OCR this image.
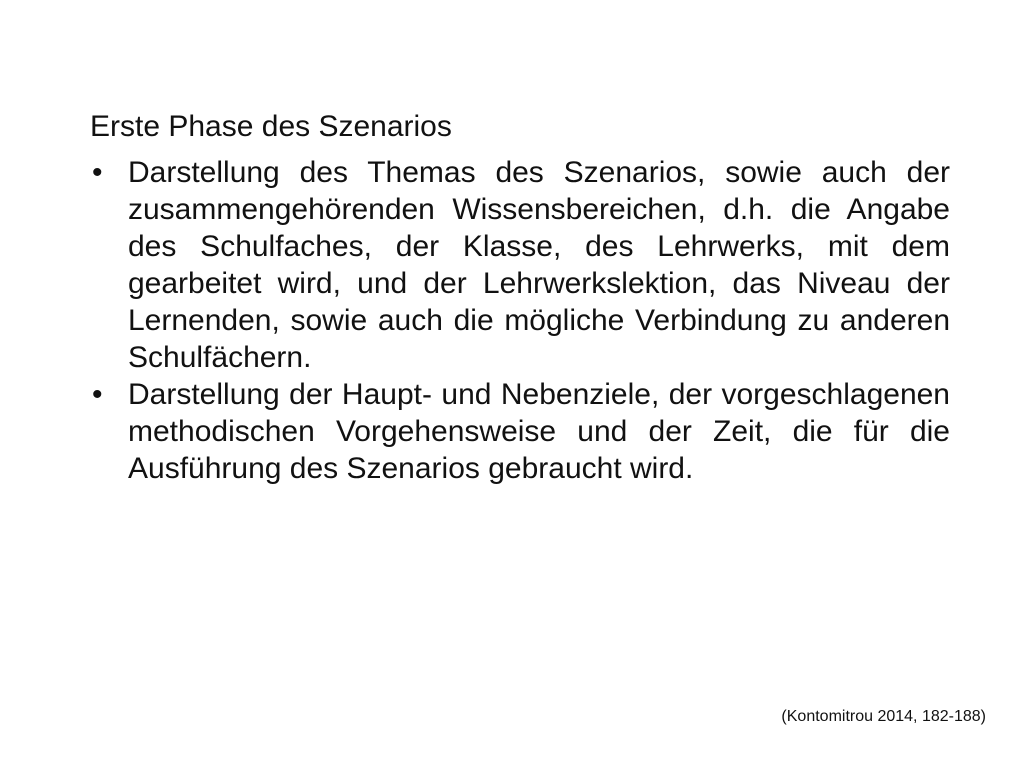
Erste Phase des Szenarios
• Darstellung des Themas des Szenarios, sowie auch der zusammengehörenden Wissensbereichen, d.h. die Angabe des Schulfaches, der Klasse, des Lehrwerks, mit dem gearbeitet wird, und der Lehrwerkslektion, das Niveau der Lernenden, sowie auch die mögliche Verbindung zu anderen Schulfächern.
• Darstellung der Haupt- und Nebenziele, der vorgeschlagenen methodischen Vorgehensweise und der Zeit, die für die Ausführung des Szenarios gebraucht wird.
(Kontomitrou 2014, 182-188)
